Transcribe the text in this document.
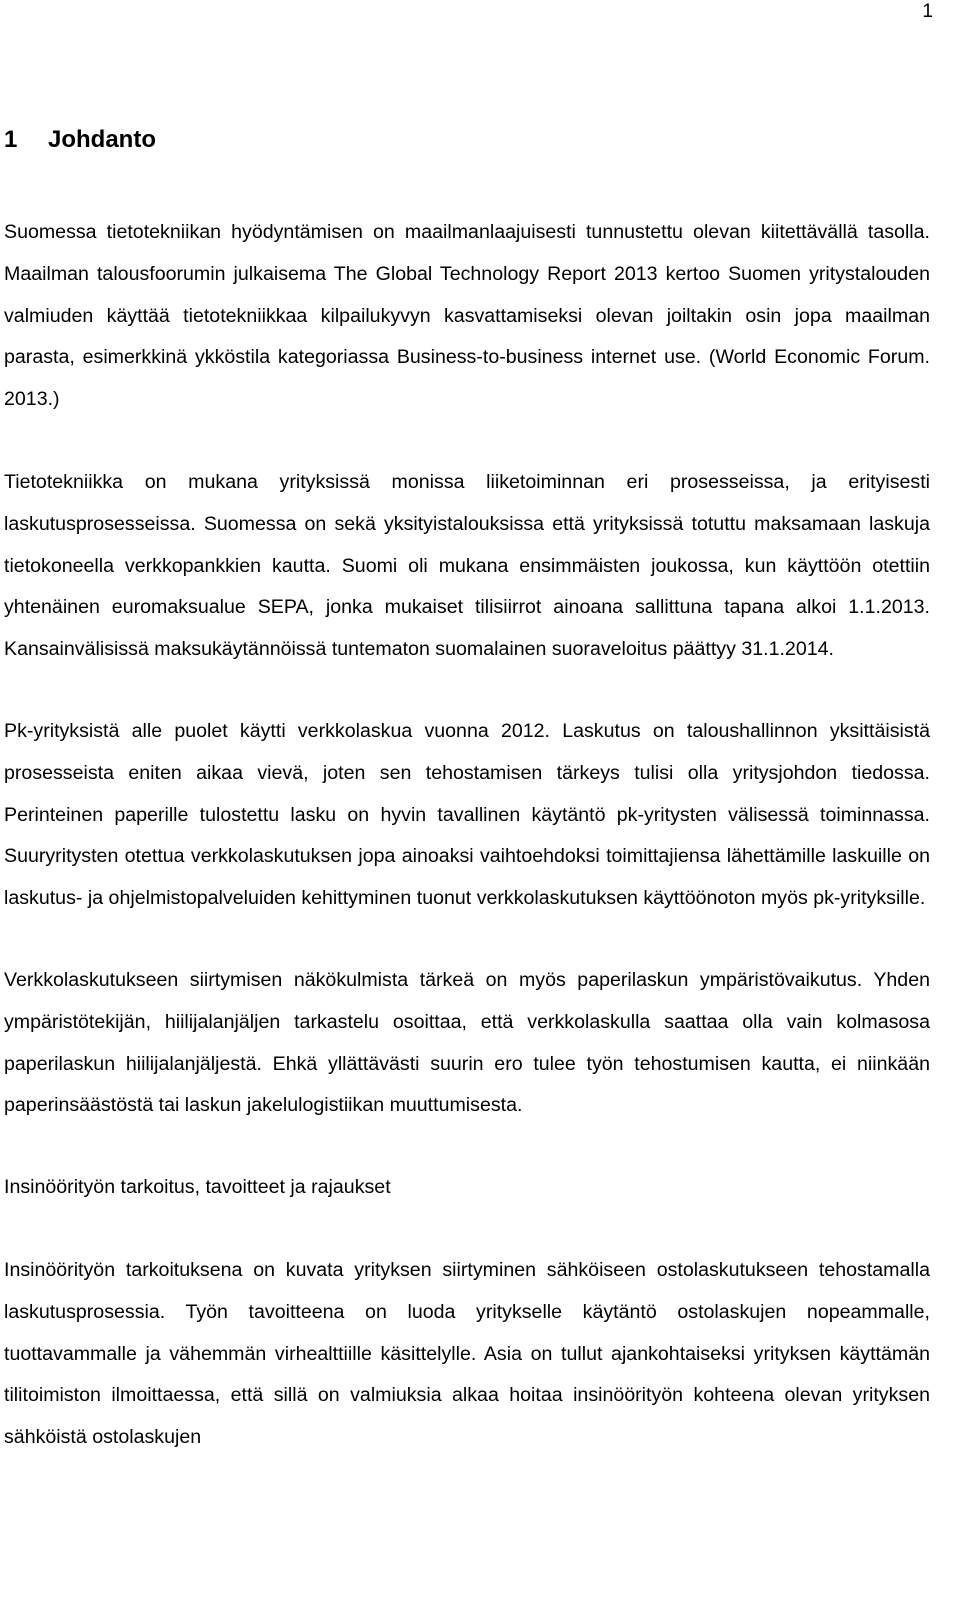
1
1	Johdanto

Suomessa tietotekniikan hyödyntämisen on maailmanlaajuisesti tunnustettu olevan kiitettävällä tasolla. Maailman talousfoorumin julkaisema The Global Technology Report 2013 kertoo Suomen yritystalouden valmiuden käyttää tietotekniikkaa kilpailukyvyn kasvattamiseksi olevan joiltakin osin jopa maailman parasta, esimerkkinä ykköstila kategoriassa Business-to-business internet use. (World Economic Forum. 2013.)

Tietotekniikka on mukana yrityksissä monissa liiketoiminnan eri prosesseissa, ja erityisesti laskutusprosesseissa. Suomessa on sekä yksityistalouksissa että yrityksissä totuttu maksamaan laskuja tietokoneella verkkopankkien kautta. Suomi oli mukana ensimmäisten joukossa, kun käyttöön otettiin yhtenäinen euromaksualue SEPA, jonka mukaiset tilisiirrot ainoana sallittuna tapana alkoi 1.1.2013. Kansainvälisissä maksukäytännöissä tuntematon suomalainen suoraveloitus päättyy 31.1.2014.

Pk-yrityksistä alle puolet käytti verkkolaskua vuonna 2012. Laskutus on taloushallinnon yksittäisistä prosesseista eniten aikaa vievä, joten sen tehostamisen tärkeys tulisi olla yritysjohdon tiedossa. Perinteinen paperille tulostettu lasku on hyvin tavallinen käytäntö pk-yritysten välisessä toiminnassa. Suuryritysten otettua verkkolaskutuksen jopa ainoaksi vaihtoehdoksi toimittajiensa lähettämille laskuille on laskutus- ja ohjelmistopalveluiden kehittyminen tuonut verkkolaskutuksen käyttöönoton myös pk-yrityksille.

Verkkolaskutukseen siirtymisen näkökulmista tärkeä on myös paperilaskun ympäristövaikutus. Yhden ympäristötekijän, hiilijalanjäljen tarkastelu osoittaa, että verkkolaskulla saattaa olla vain kolmasosa paperilaskun hiilijalanjäljestä. Ehkä yllättävästi suurin ero tulee työn tehostumisen kautta, ei niinkään paperinsäästöstä tai laskun jakelulogistiikan muuttumisesta.

Insinöörityön tarkoitus, tavoitteet ja rajaukset

Insinöörityön tarkoituksena on kuvata yrityksen siirtyminen sähköiseen ostolaskutukseen tehostamalla laskutusprosessia. Työn tavoitteena on luoda yritykselle käytäntö ostolaskujen nopeammalle, tuottavammalle ja vähemmän virhealttiille käsittelylle. Asia on tullut ajankohtaiseksi yrityksen käyttämän tilitoimiston ilmoittaessa, että sillä on valmiuksia alkaa hoitaa insinöörityön kohteena olevan yrityksen sähköistä ostolaskujen
